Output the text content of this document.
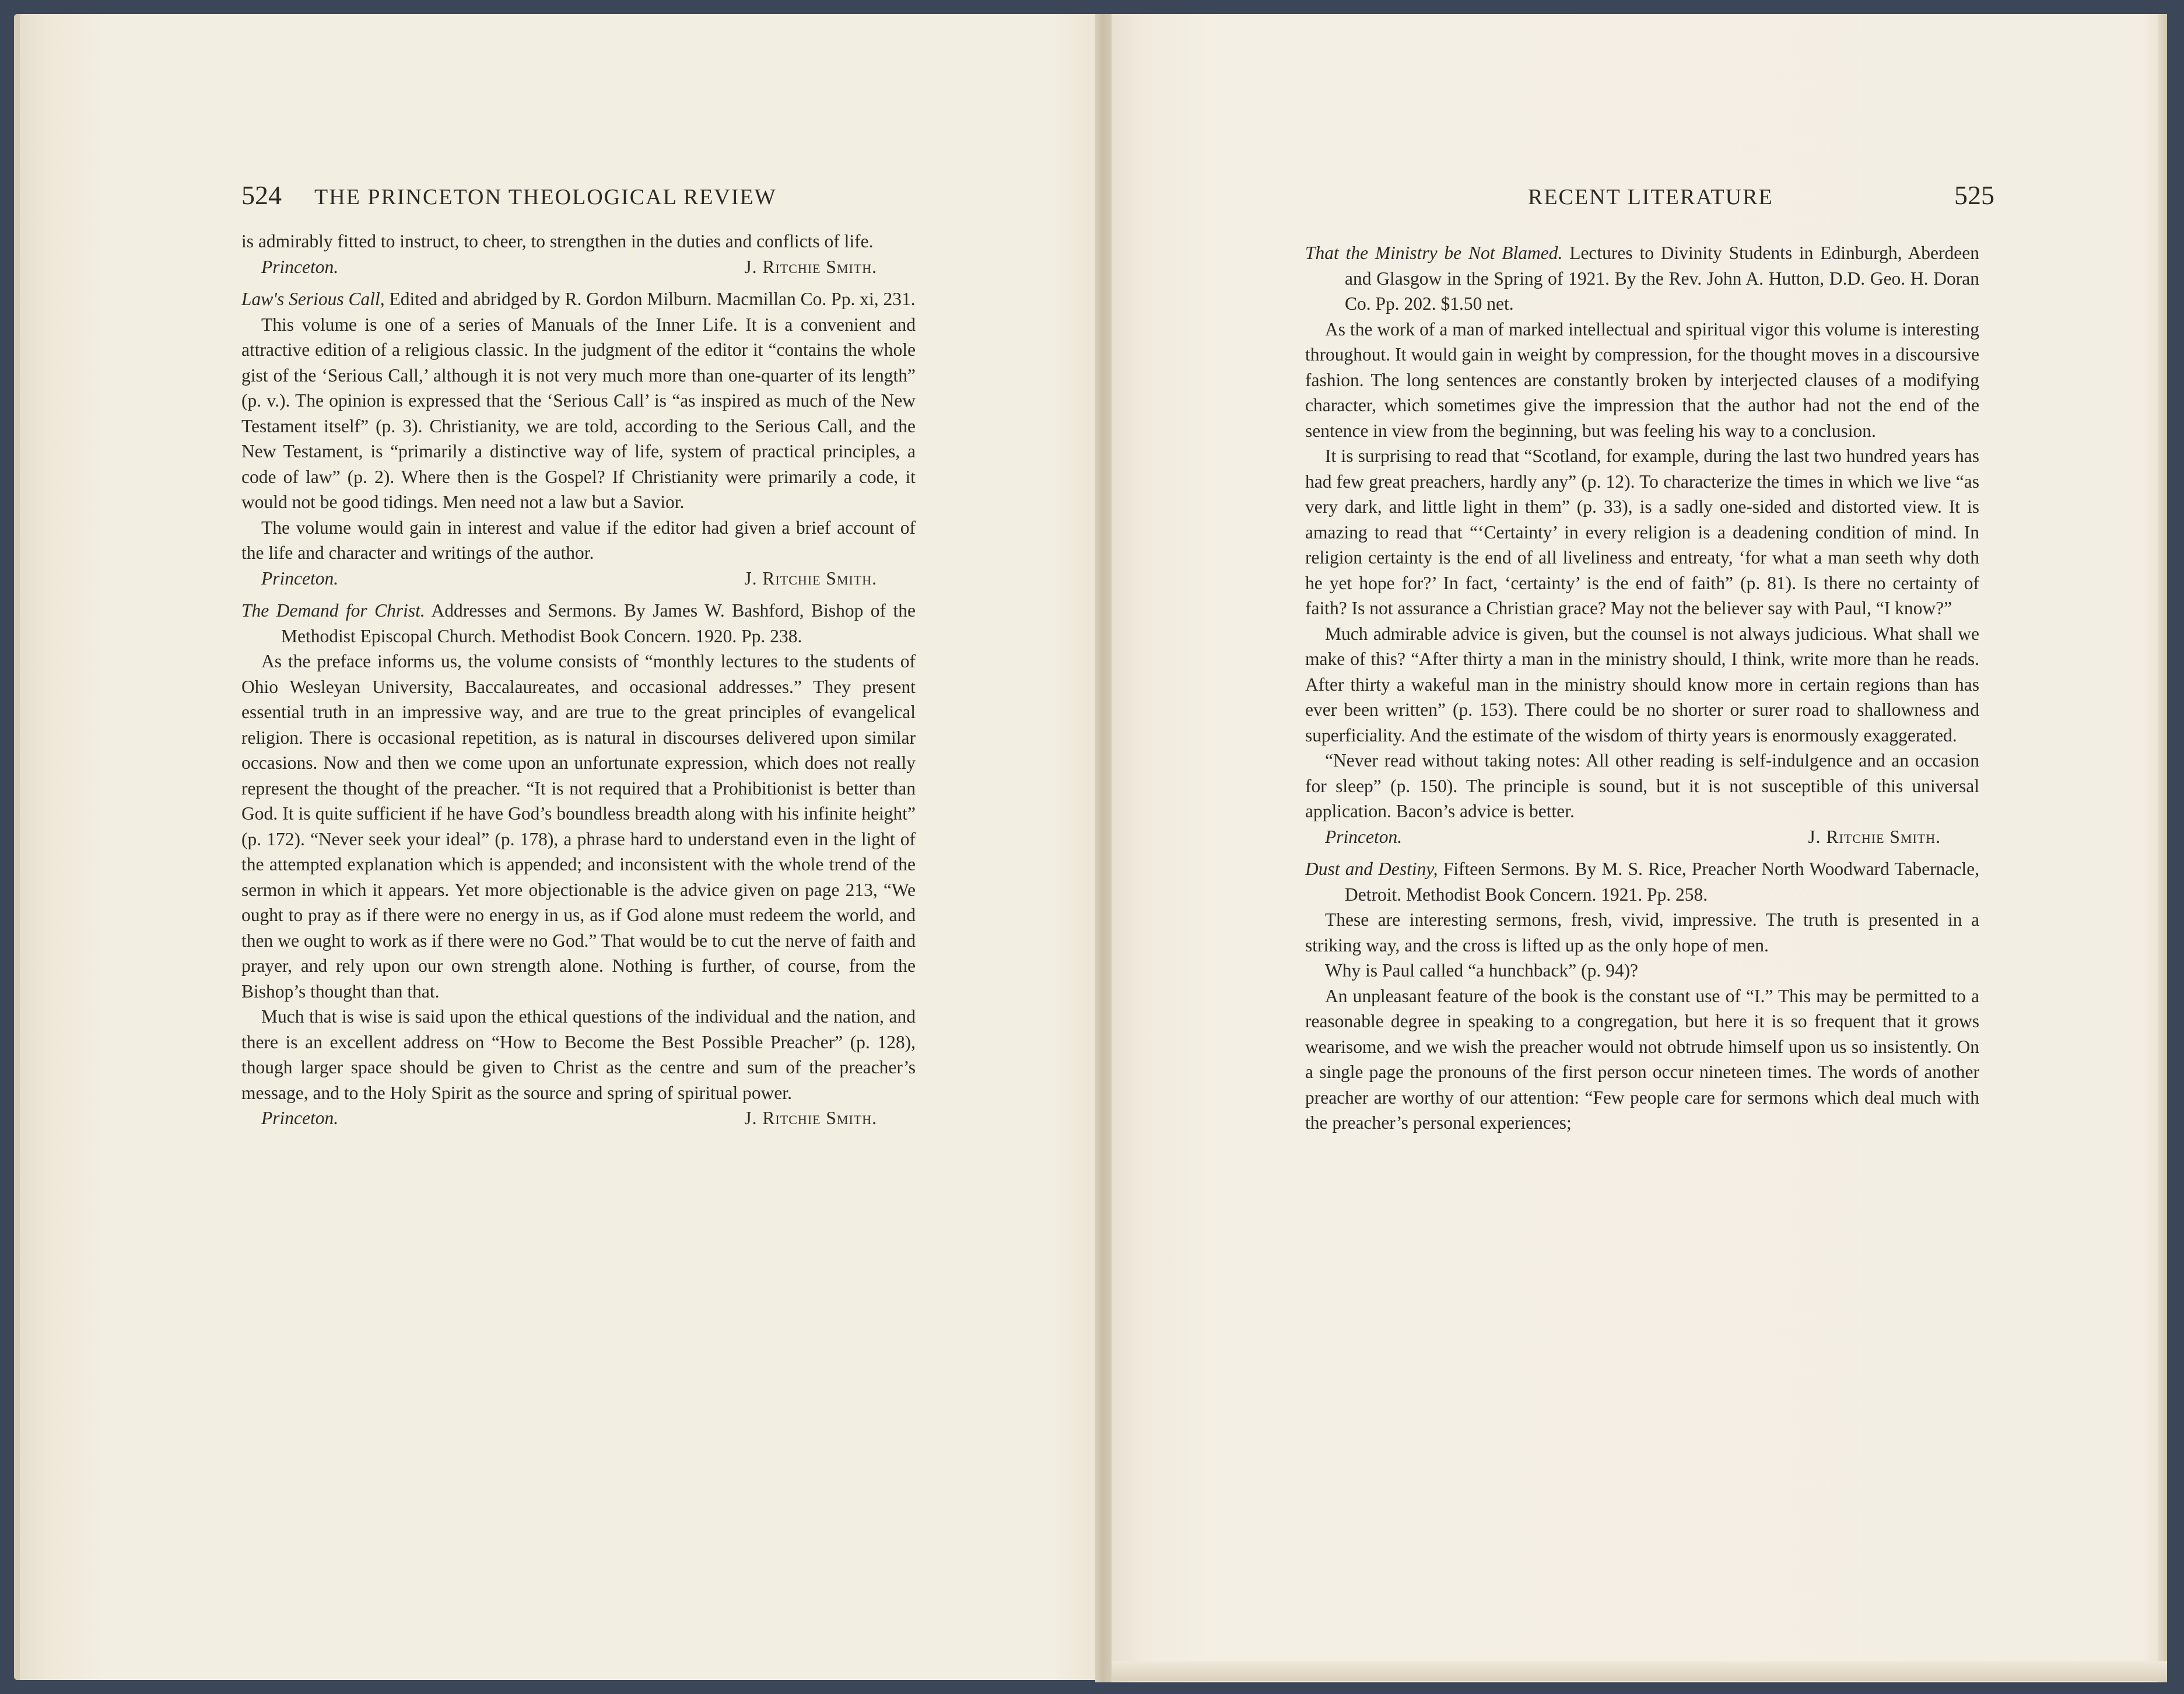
524 THE PRINCETON THEOLOGICAL REVIEW	RECENT LITERATURE	525

is admirably fitted to instruct, to cheer, to strengthen in the duties and conflicts of life.

Princeton.	J. Ritchie Smith.

Law's Serious Call, Edited and abridged by R. Gordon Milburn. Macmillan Co. Pp. xi, 231.

This volume is one of a series of Manuals of the Inner Life. It is a convenient and attractive edition of a religious classic. In the judgment of the editor it “contains the whole gist of the ‘Serious Call,’ although it is not very much more than one-quarter of its length” (p. v.). The opinion is expressed that the ‘Serious Call’ is “as inspired as much of the New Testament itself” (p. 3). Christianity, we are told, according to the Serious Call, and the New Testament, is “primarily a distinctive way of life, system of practical principles, a code of law” (p. 2). Where then is the Gospel? If Christianity were primarily a code, it would not be good tidings. Men need not a law but a Savior.

The volume would gain in interest and value if the editor had given a brief account of the life and character and writings of the author.

Princeton.	J. Ritchie Smith.

The Demand for Christ. Addresses and Sermons. By James W. Bashford, Bishop of the Methodist Episcopal Church. Methodist Book Concern. 1920. Pp. 238.

As the preface informs us, the volume consists of “monthly lectures to the students of Ohio Wesleyan University, Baccalaureates, and occasional addresses.” They present essential truth in an impressive way, and are true to the great principles of evangelical religion. There is occasional repetition, as is natural in discourses delivered upon similar occasions. Now and then we come upon an unfortunate expression, which does not really represent the thought of the preacher. “It is not required that a Prohibitionist is better than God. It is quite sufficient if he have God’s boundless breadth along with his infinite height” (p. 172). “Never seek your ideal” (p. 178), a phrase hard to understand even in the light of the attempted explanation which is appended; and inconsistent with the whole trend of the sermon in which it appears. Yet more objectionable is the advice given on page 213, “We ought to pray as if there were no energy in us, as if God alone must redeem the world, and then we ought to work as if there were no God.” That would be to cut the nerve of faith and prayer, and rely upon our own strength alone. Nothing is further, of course, from the Bishop’s thought than that.

Much that is wise is said upon the ethical questions of the individual and the nation, and there is an excellent address on “How to Become the Best Possible Preacher” (p. 128), though larger space should be given to Christ as the centre and sum of the preacher’s message, and to the Holy Spirit as the source and spring of spiritual power.

Princeton.	J. Ritchie Smith.

That the Ministry be Not Blamed. Lectures to Divinity Students in Edinburgh, Aberdeen and Glasgow in the Spring of 1921. By the Rev. John A. Hutton, D.D. Geo. H. Doran Co. Pp. 202. $1.50 net.

As the work of a man of marked intellectual and spiritual vigor this volume is interesting throughout. It would gain in weight by compression, for the thought moves in a discoursive fashion. The long sentences are constantly broken by interjected clauses of a modifying character, which sometimes give the impression that the author had not the end of the sentence in view from the beginning, but was feeling his way to a conclusion.

It is surprising to read that “Scotland, for example, during the last two hundred years has had few great preachers, hardly any” (p. 12). To characterize the times in which we live “as very dark, and little light in them” (p. 33), is a sadly one-sided and distorted view. It is amazing to read that “‘Certainty’ in every religion is a deadening condition of mind. In religion certainty is the end of all liveliness and entreaty, ‘for what a man seeth why doth he yet hope for?’ In fact, ‘certainty’ is the end of faith” (p. 81). Is there no certainty of faith? Is not assurance a Christian grace? May not the believer say with Paul, “I know?”

Much admirable advice is given, but the counsel is not always judicious. What shall we make of this? “After thirty a man in the ministry should, I think, write more than he reads. After thirty a wakeful man in the ministry should know more in certain regions than has ever been written” (p. 153). There could be no shorter or surer road to shallowness and superficiality. And the estimate of the wisdom of thirty years is enormously exaggerated.

“Never read without taking notes: All other reading is self-indulgence and an occasion for sleep” (p. 150). The principle is sound, but it is not susceptible of this universal application. Bacon’s advice is better.

Princeton.	J. Ritchie Smith.

Dust and Destiny, Fifteen Sermons. By M. S. Rice, Preacher North Woodward Tabernacle, Detroit. Methodist Book Concern. 1921. Pp. 258.

These are interesting sermons, fresh, vivid, impressive. The truth is presented in a striking way, and the cross is lifted up as the only hope of men.

Why is Paul called “a hunchback” (p. 94)?

An unpleasant feature of the book is the constant use of “I.” This may be permitted to a reasonable degree in speaking to a congregation, but here it is so frequent that it grows wearisome, and we wish the preacher would not obtrude himself upon us so insistently. On a single page the pronouns of the first person occur nineteen times. The words of another preacher are worthy of our attention: “Few people care for sermons which deal much with the preacher’s personal experiences;
